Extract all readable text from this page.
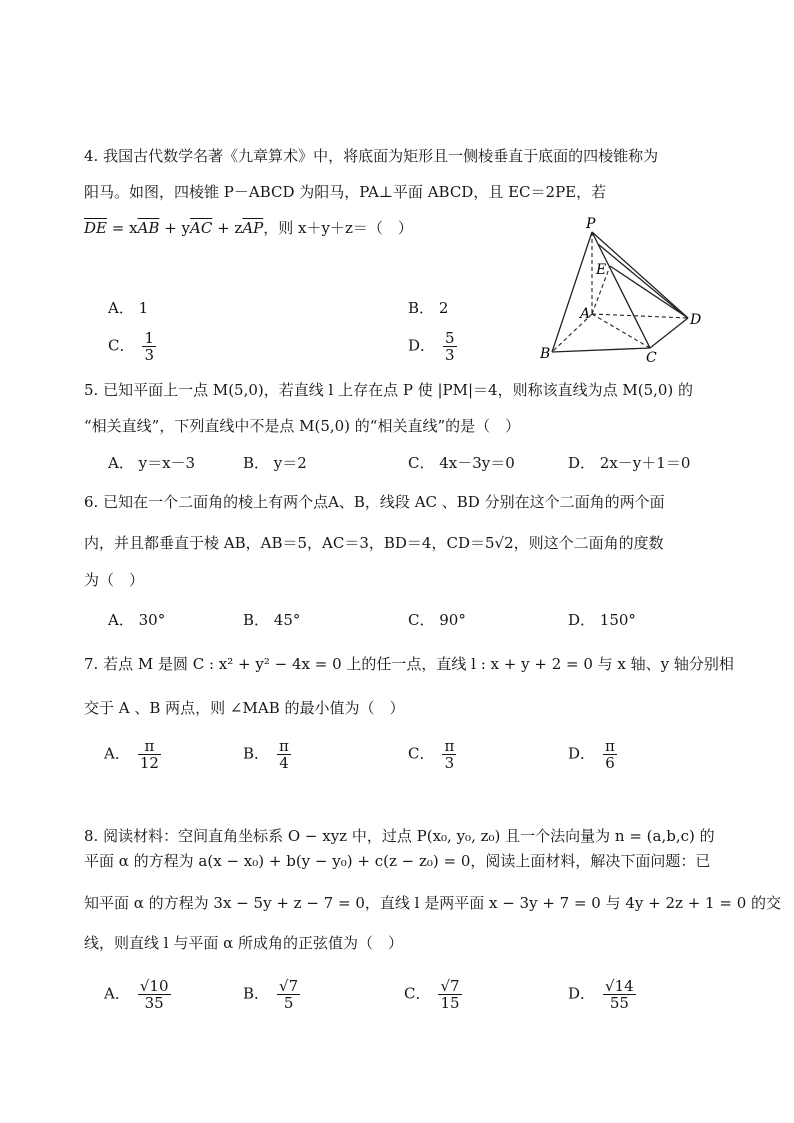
4. 我国古代数学名著《九章算术》中，将底面为矩形且一侧棱垂直于底面的四棱锥称为
阳马。如图，四棱锥 P－ABCD 为阳马，PA⊥平面 ABCD，且 EC＝2PE，若
$\overline{DE} = x\overline{AB} + y\overline{AC} + z\overline{AP}$，则 x＋y＋z＝（　）
A． 1	B． 2
C． $\frac{1}{3}$	D． $\frac{5}{3}$
P
E
A
B	C
D
5. 已知平面上一点 M(5,0)，若直线 l 上存在点 P 使 |PM|＝4，则称该直线为点 M(5,0) 的
“相关直线”，下列直线中不是点 M(5,0) 的“相关直线”的是（　）
A． y＝x－3	B． y＝2	C． 4x－3y＝0	D． 2x－y＋1＝0
6. 已知在一个二面角的棱上有两个点A、B，线段 AC 、BD 分别在这个二面角的两个面
内，并且都垂直于棱 AB，AB＝5，AC＝3，BD＝4，CD＝5√2，则这个二面角的度数
为（　）
A． 30°	B． 45°	C． 90°	D． 150°
7. 若点 M 是圆 C : x² + y² − 4x = 0 上的任一点，直线 l : x + y + 2 = 0 与 x 轴、y 轴分别相
交于 A 、B 两点，则 ∠MAB 的最小值为（　）
A． $\frac{\pi}{12}$	B． $\frac{\pi}{4}$	C． $\frac{\pi}{3}$	D． $\frac{\pi}{6}$
8. 阅读材料：空间直角坐标系 O − xyz 中，过点 P(x₀, y₀, z₀) 且一个法向量为 n = (a,b,c) 的
平面 α 的方程为 a(x − x₀) + b(y − y₀) + c(z − z₀) = 0，阅读上面材料，解决下面问题：已
知平面 α 的方程为 3x − 5y + z − 7 = 0，直线 l 是两平面 x − 3y + 7 = 0 与 4y + 2z + 1 = 0 的交
线，则直线 l 与平面 α 所成角的正弦值为（　）
A． $\frac{√10}{35}$	B． $\frac{√7}{5}$	C． $\frac{√7}{15}$	D． $\frac{√14}{55}$
